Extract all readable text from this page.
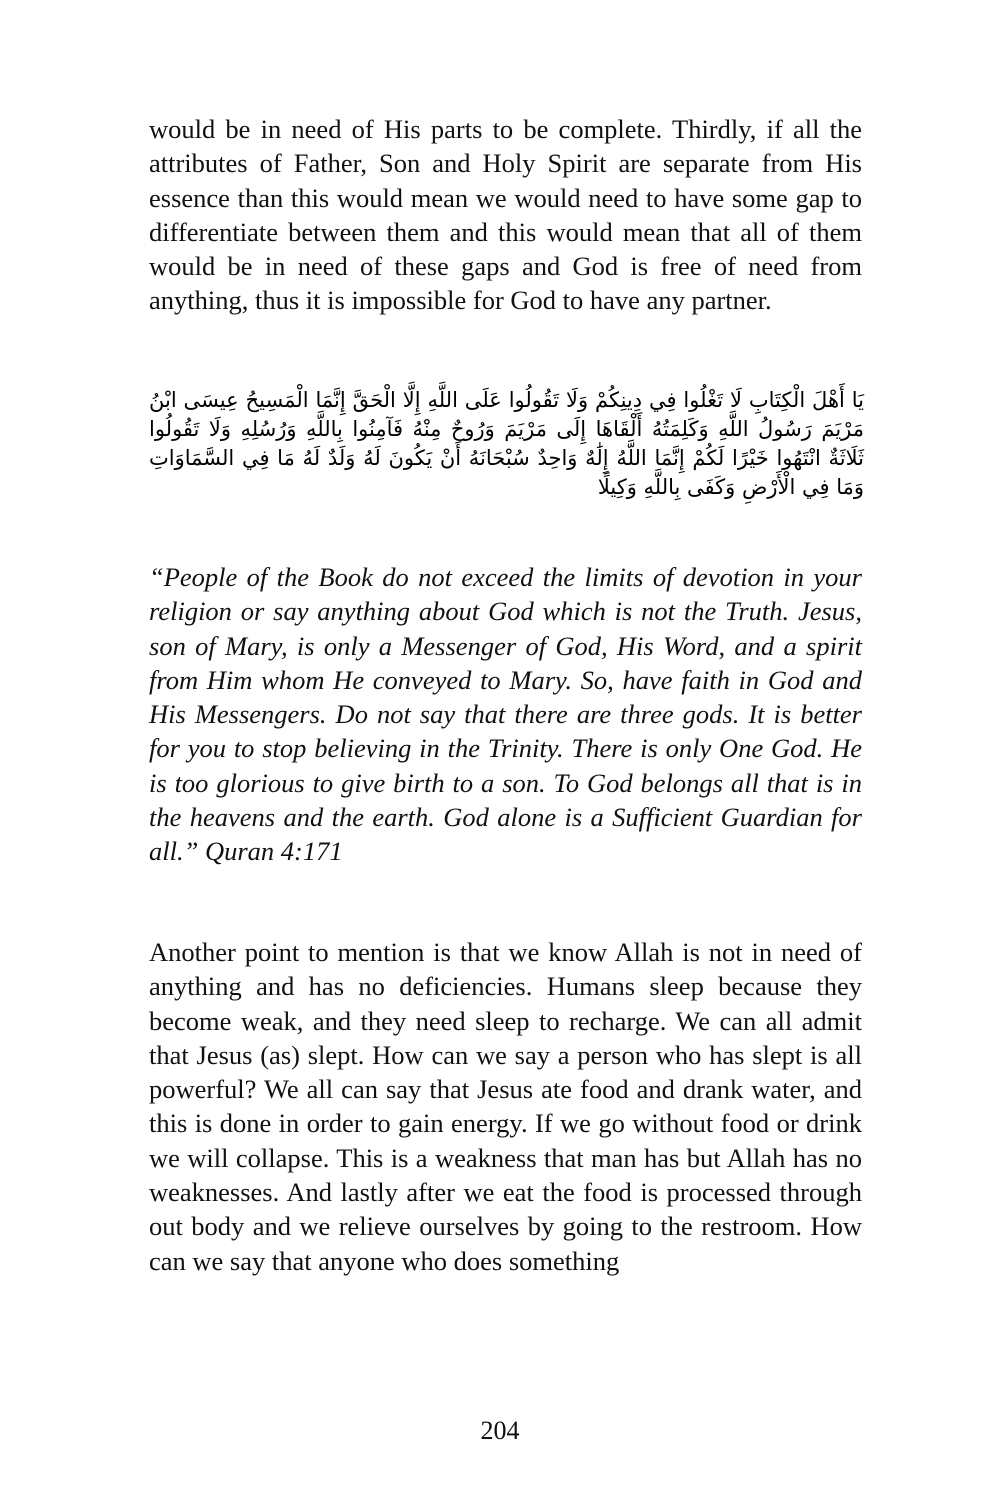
would be in need of His parts to be complete. Thirdly, if all the attributes of Father, Son and Holy Spirit are separate from His essence than this would mean we would need to have some gap to differentiate between them and this would mean that all of them would be in need of these gaps and God is free of need from anything, thus it is impossible for God to have any partner.

يَا أَهْلَ الْكِتَابِ لَا تَغْلُوا فِي دِينِكُمْ وَلَا تَقُولُوا عَلَى اللَّهِ إِلَّا الْحَقَّ إِنَّمَا الْمَسِيحُ عِيسَى ابْنُ مَرْيَمَ رَسُولُ اللَّهِ وَكَلِمَتُهُ أَلْقَاهَا إِلَى مَرْيَمَ وَرُوحٌ مِنْهُ فَآمِنُوا بِاللَّهِ وَرُسُلِهِ وَلَا تَقُولُوا ثَلَاثَةٌ انْتَهُوا خَيْرًا لَكُمْ إِنَّمَا اللَّهُ إِلَٰهٌ وَاحِدٌ سُبْحَانَهُ أَنْ يَكُونَ لَهُ وَلَدٌ لَهُ مَا فِي السَّمَاوَاتِ وَمَا فِي الْأَرْضِ وَكَفَى بِاللَّهِ وَكِيلًا

“People of the Book do not exceed the limits of devotion in your religion or say anything about God which is not the Truth. Jesus, son of Mary, is only a Messenger of God, His Word, and a spirit from Him whom He conveyed to Mary. So, have faith in God and His Messengers. Do not say that there are three gods. It is better for you to stop believing in the Trinity. There is only One God. He is too glorious to give birth to a son. To God belongs all that is in the heavens and the earth. God alone is a Sufficient Guardian for all.” Quran 4:171

Another point to mention is that we know Allah is not in need of anything and has no deficiencies. Humans sleep because they become weak, and they need sleep to recharge. We can all admit that Jesus (as) slept. How can we say a person who has slept is all powerful? We all can say that Jesus ate food and drank water, and this is done in order to gain energy. If we go without food or drink we will collapse. This is a weakness that man has but Allah has no weaknesses. And lastly after we eat the food is processed through out body and we relieve ourselves by going to the restroom. How can we say that anyone who does something

204
